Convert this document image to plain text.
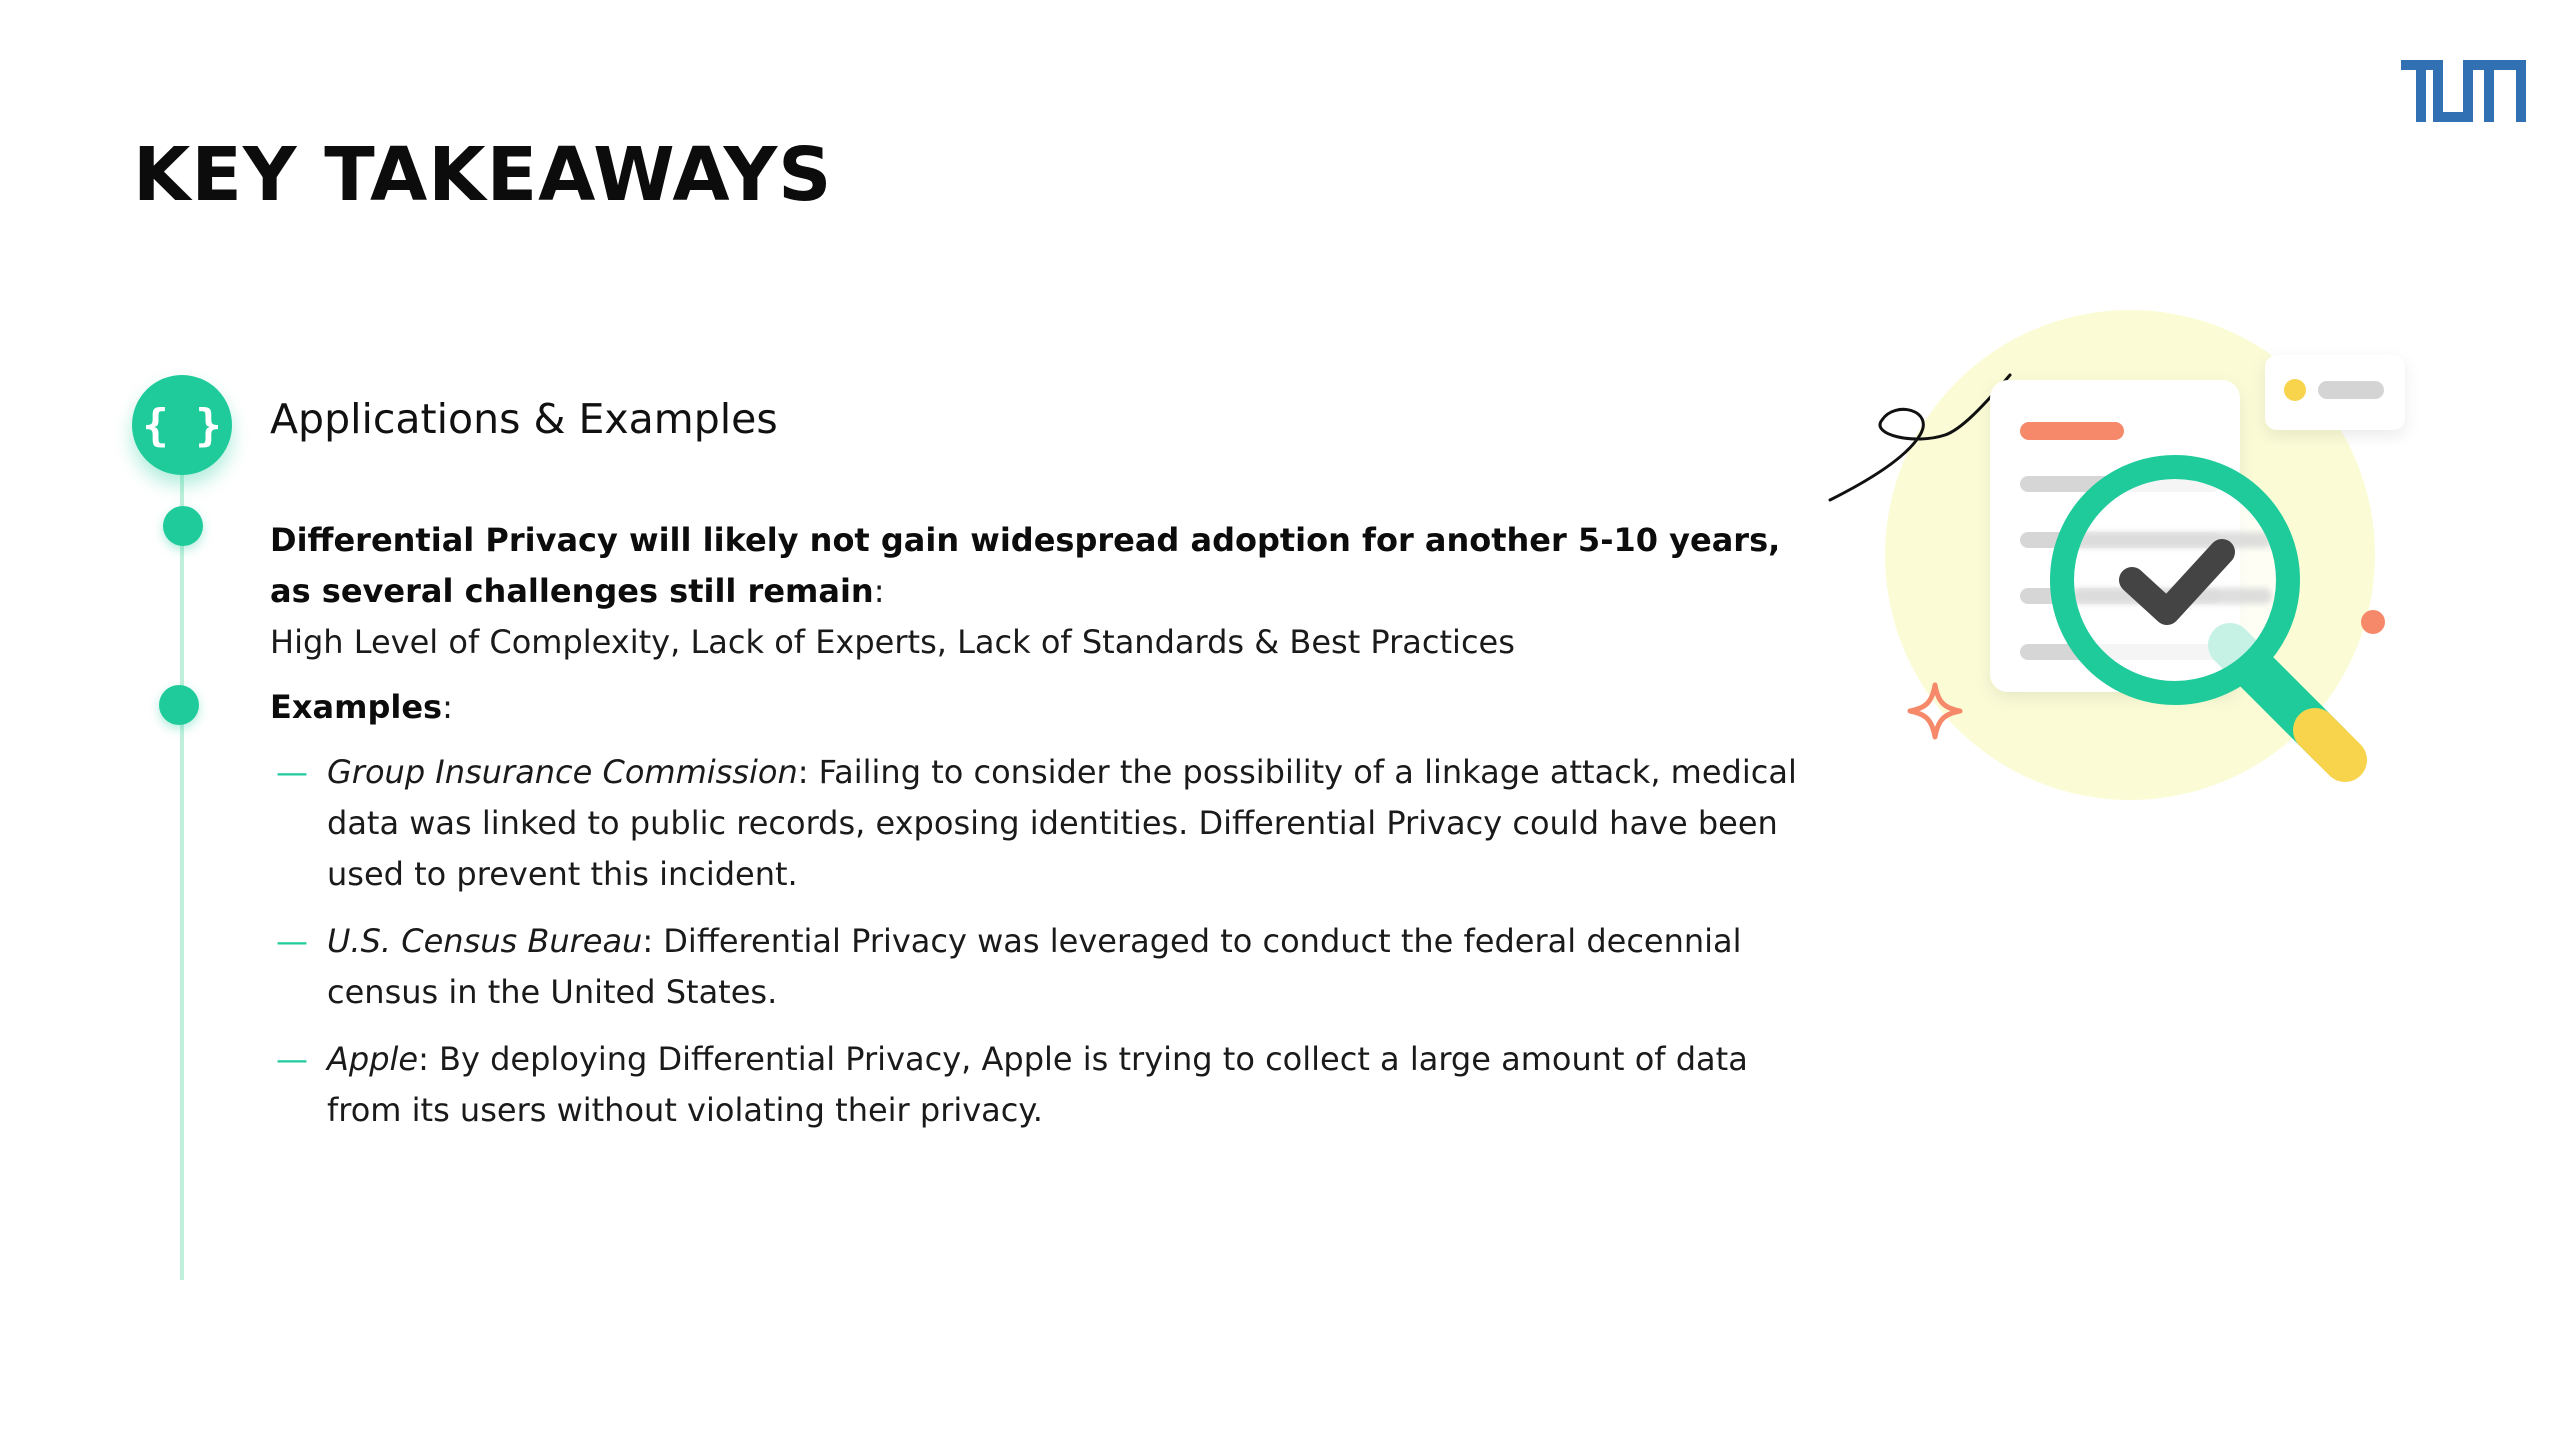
KEY TAKEAWAYS
{ } Applications & Examples

Differential Privacy will likely not gain widespread adoption for another 5-10 years, as several challenges still remain:

High Level of Complexity, Lack of Experts, Lack of Standards & Best Practices

Examples:

— Group Insurance Commission: Failing to consider the possibility of a linkage attack, medical data was linked to public records, exposing identities. Differential Privacy could have been used to prevent this incident.
— U.S. Census Bureau: Differential Privacy was leveraged to conduct the federal decennial census in the United States.
— Apple: By deploying Differential Privacy, Apple is trying to collect a large amount of data from its users without violating their privacy.
